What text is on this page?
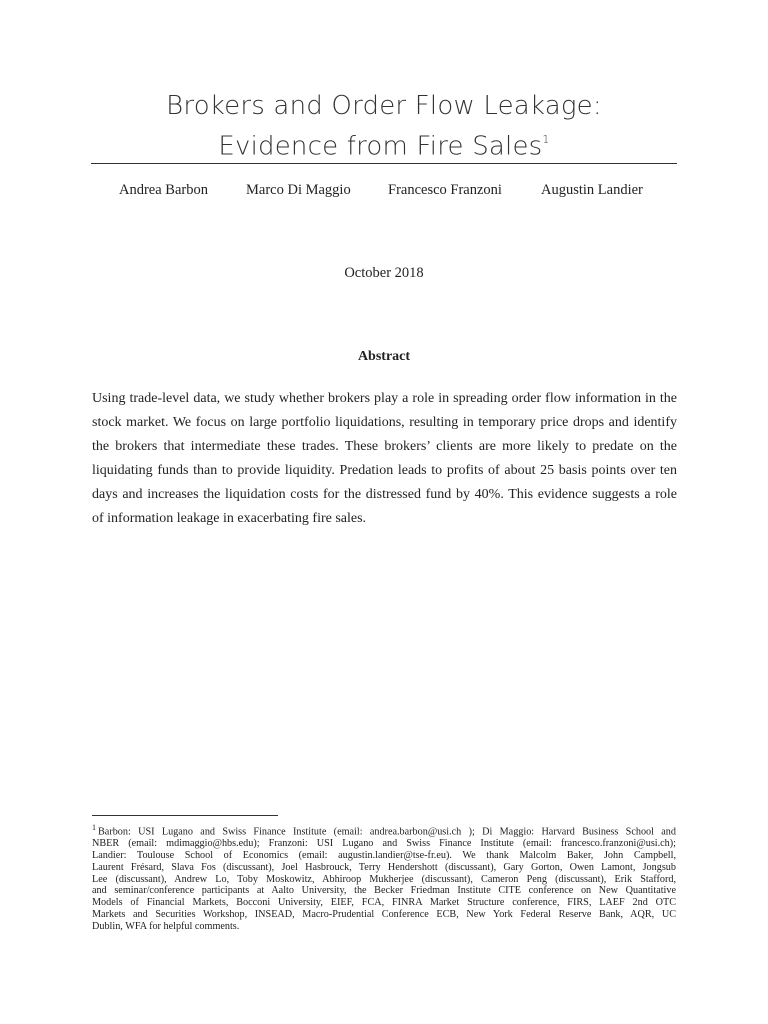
Brokers and Order Flow Leakage:
Evidence from Fire Sales$^1$
Andrea Barbon	Marco Di Maggio	Francesco Franzoni	Augustin Landier
October 2018
Abstract
Using trade-level data, we study whether brokers play a role in spreading order flow information in the
stock market. We focus on large portfolio liquidations, resulting in temporary price drops and identify
the brokers that intermediate these trades. These brokers’ clients are more likely to predate on the
liquidating funds than to provide liquidity. Predation leads to profits of about 25 basis points over ten
days and increases the liquidation costs for the distressed fund by 40%. This evidence suggests a role
of information leakage in exacerbating fire sales.
$^1$ Barbon: USI Lugano and Swiss Finance Institute (email: andrea.barbon@usi.ch ); Di Maggio: Harvard Business School and
NBER (email: mdimaggio@hbs.edu); Franzoni: USI Lugano and Swiss Finance Institute (email: francesco.franzoni@usi.ch);
Landier: Toulouse School of Economics (email: augustin.landier@tse-fr.eu). We thank Malcolm Baker, John Campbell,
Laurent Frésard, Slava Fos (discussant), Joel Hasbrouck, Terry Hendershott (discussant), Gary Gorton, Owen Lamont, Jongsub
Lee (discussant), Andrew Lo, Toby Moskowitz, Abhiroop Mukherjee (discussant), Cameron Peng (discussant), Erik Stafford,
and seminar/conference participants at Aalto University, the Becker Friedman Institute CITE conference on New Quantitative
Models of Financial Markets, Bocconi University, EIEF, FCA, FINRA Market Structure conference, FIRS, LAEF 2nd OTC
Markets and Securities Workshop, INSEAD, Macro-Prudential Conference ECB, New York Federal Reserve Bank, AQR, UC
Dublin, WFA for helpful comments.
